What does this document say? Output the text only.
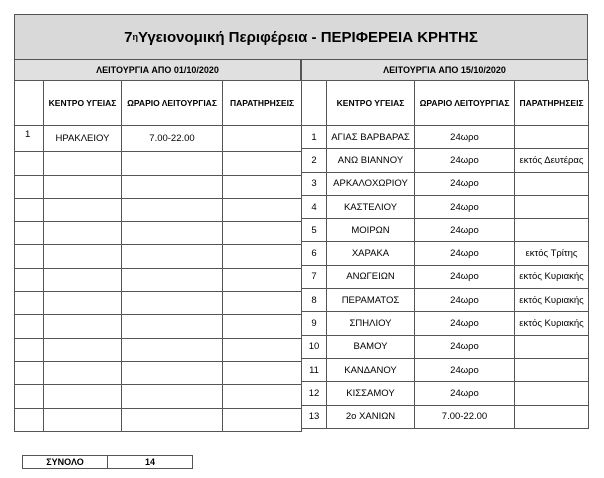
7 η Υγειονομική Περιφέρεια - ΠΕΡΙΦΕΡΕΙΑ ΚΡΗΤΗΣ
ΛΕΙΤΟΥΡΓΙΑ ΑΠΟ 01/10/2020	ΛΕΙΤΟΥΡΓΙΑ ΑΠΟ 15/10/2020
	ΚΕΝΤΡΟ ΥΓΕΙΑΣ	ΩΡΑΡΙΟ ΛΕΙΤΟΥΡΓΙΑΣ	ΠΑΡΑΤΗΡΗΣΕΙΣ
1	ΗΡΑΚΛΕΙΟΥ	7.00-22.00	

	ΚΕΝΤΡΟ ΥΓΕΙΑΣ	ΩΡΑΡΙΟ ΛΕΙΤΟΥΡΓΙΑΣ	ΠΑΡΑΤΗΡΗΣΕΙΣ
1	ΑΓΙΑΣ ΒΑΡΒΑΡΑΣ	24ωρο	
2	ΑΝΩ ΒΙΑΝΝΟΥ	24ωρο	εκτός Δευτέρας
3	ΑΡΚΑΛΟΧΩΡΙΟΥ	24ωρο	
4	ΚΑΣΤΕΛΙΟΥ	24ωρο	
5	ΜΟΙΡΩΝ	24ωρο	
6	ΧΑΡΑΚΑ	24ωρο	εκτός Τρίτης
7	ΑΝΩΓΕΙΩΝ	24ωρο	εκτός Κυριακής
8	ΠΕΡΑΜΑΤΟΣ	24ωρο	εκτός Κυριακής
9	ΣΠΗΛΙΟΥ	24ωρο	εκτός Κυριακής
10	ΒΑΜΟΥ	24ωρο	
11	ΚΑΝΔΑΝΟΥ	24ωρο	
12	ΚΙΣΣΑΜΟΥ	24ωρο	
13	2ο ΧΑΝΙΩΝ	7.00-22.00	
ΣΥΝΟΛΟ	14
